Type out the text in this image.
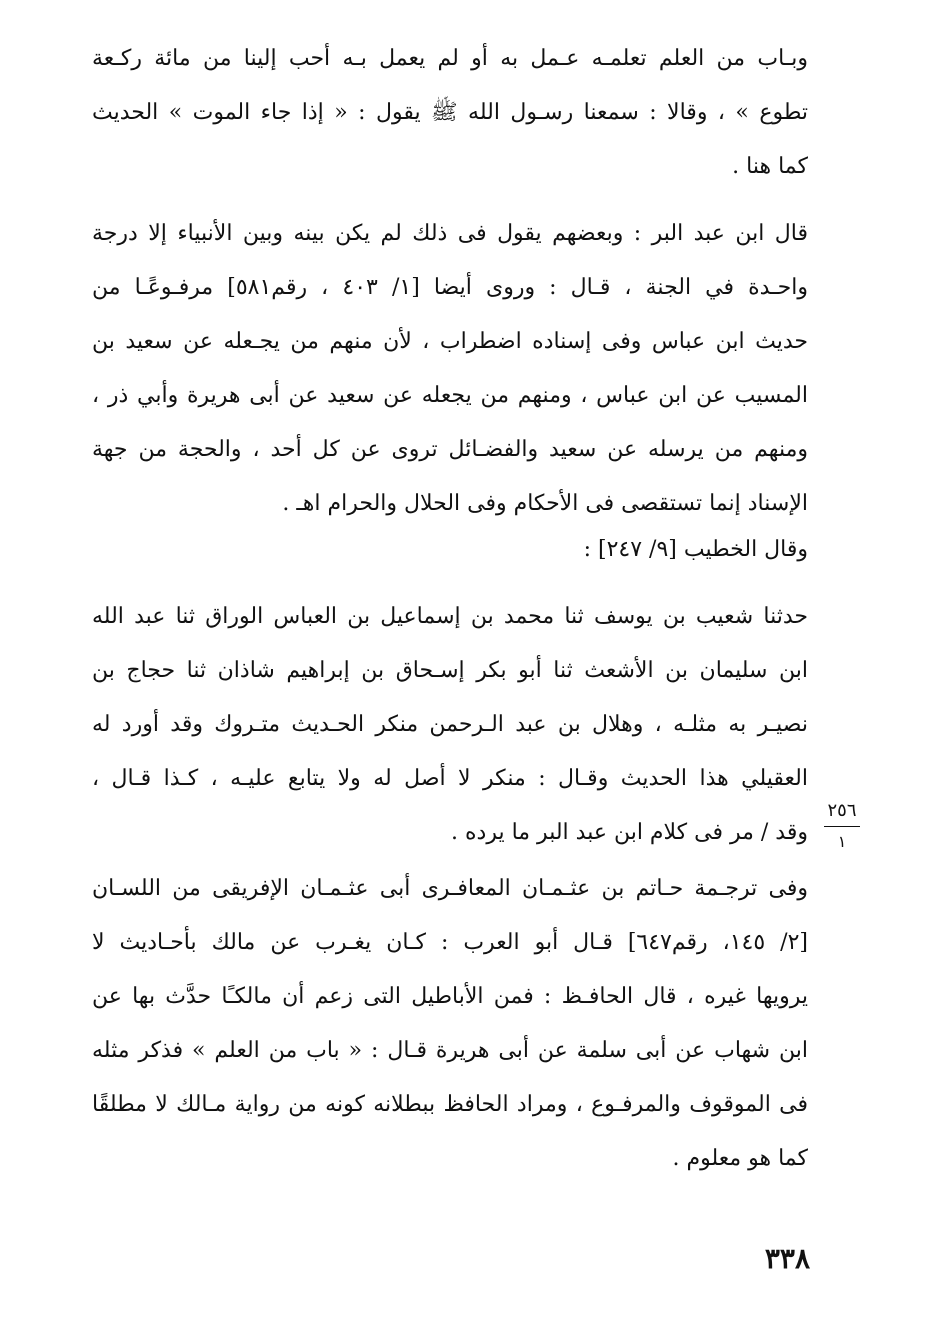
وبـاب من العلم تعلمـه عـمل به أو لم يعمل بـه أحب إلينا من مائة ركـعة
تطوع » ، وقالا : سمعنا رسـول الله ﷺ يقول : « إذا جاء الموت » الحديث
كما هنا .

قال ابن عبد البر : وبعضهم يقول فى ذلك لم يكن بينه وبين الأنبياء إلا درجة
واحـدة في الجنة ، قـال : وروى أيضا [١/ ٤٠٣ ، رقم٥٨١] مرفـوعًـا من
حديث ابن عباس وفى إسناده اضطراب ، لأن منهم من يجـعله عن سعيد بن
المسيب عن ابن عباس ، ومنهم من يجعله عن سعيد عن أبى هريرة وأبي ذر ،
ومنهم من يرسله عن سعيد والفضـائل تروى عن كل أحد ، والحجة من جهة
الإسناد إنما تستقصى فى الأحكام وفى الحلال والحرام اهـ .

وقال الخطيب [٩/ ٢٤٧] :

حدثنا شعيب بن يوسف ثنا محمد بن إسماعيل بن العباس الوراق ثنا عبد الله
ابن سليمان بن الأشعث ثنا أبو بكر إسـحاق بن إبراهيم شاذان ثنا حجاج بن
نصيـر به مثلـه ، وهلال بن عبد الـرحمن منكر الحـديث متـروك وقد أورد له
العقيلي هذا الحديث وقـال : منكر لا أصل له ولا يتابع عليـه ، كـذا قـال ،
وقد / مر فى كلام ابن عبد البر ما يرده .

٢٥٦
١

وفى ترجـمة حـاتم بن عثـمـان المعافـرى أبى عثـمـان الإفريقى من اللسـان
[٢/ ١٤٥، رقم٦٤٧] قـال أبو العرب : كـان يغـرب عن مالك بأحـاديث لا
يرويها غيره ، قال الحافـظ : فمن الأباطيل التى زعم أن مالكـًا حدَّث بها عن
ابن شهاب عن أبى سلمة عن أبى هريرة قـال : « باب من العلم » فذكر مثله
فى الموقوف والمرفـوع ، ومراد الحافظ ببطلانه كونه من رواية مـالك لا مطلقًا
كما هو معلوم .

٣٣٨
